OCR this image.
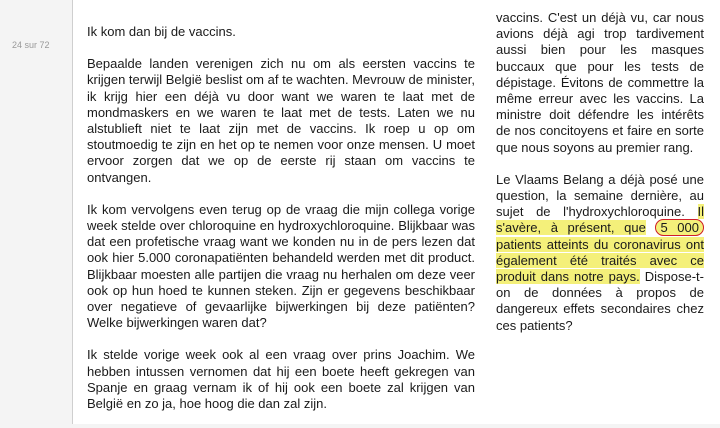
24 sur 72

Ik kom dan bij de vaccins.

Bepaalde landen verenigen zich nu om als eersten vaccins te krijgen terwijl België beslist om af te wachten. Mevrouw de minister, ik krijg hier een déjà vu door want we waren te laat met de mondmaskers en we waren te laat met de tests. Laten we nu alstublieft niet te laat zijn met de vaccins. Ik roep u op om stoutmoedig te zijn en het op te nemen voor onze mensen. U moet ervoor zorgen dat we op de eerste rij staan om vaccins te ontvangen.

Ik kom vervolgens even terug op de vraag die mijn collega vorige week stelde over chloroquine en hydroxychloroquine. Blijkbaar was dat een profetische vraag want we konden nu in de pers lezen dat ook hier 5.000 coronapatiënten behandeld werden met dit product. Blijkbaar moesten alle partijen die vraag nu herhalen om deze veer ook op hun hoed te kunnen steken. Zijn er gegevens beschikbaar over negatieve of gevaarlijke bijwerkingen bij deze patiënten? Welke bijwerkingen waren dat?

Ik stelde vorige week ook al een vraag over prins Joachim. We hebben intussen vernomen dat hij een boete heeft gekregen van Spanje en graag vernam ik of hij ook een boete zal krijgen van België en zo ja, hoe hoog die dan zal zijn.

vaccins. C'est un déjà vu, car nous avions déjà agi trop tardivement aussi bien pour les masques buccaux que pour les tests de dépistage. Évitons de commettre la même erreur avec les vaccins. La ministre doit défendre les intérêts de nos concitoyens et faire en sorte que nous soyons au premier rang.

Le Vlaams Belang a déjà posé une question, la semaine dernière, au sujet de l'hydroxychloroquine. Il s'avère, à présent, que 5 000 patients atteints du coronavirus ont également été traités avec ce produit dans notre pays. Dispose-t-on de données à propos de dangereux effets secondaires chez ces patients?
